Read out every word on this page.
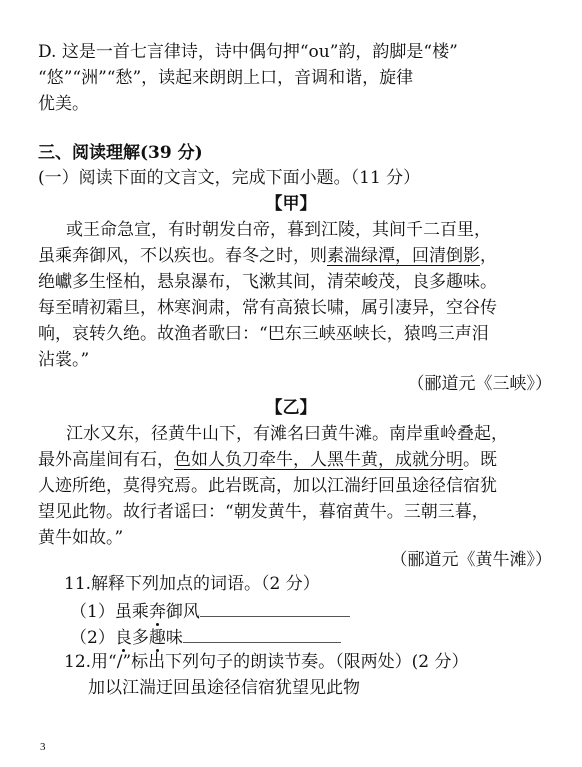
D. 这是一首七言律诗，诗中偶句押“ou”韵，韵脚是“楼”
“悠”“洲”“愁”，读起来朗朗上口，音调和谐，旋律
优美。
三、阅读理解(39 分)
(一）阅读下面的文言文，完成下面小题。（11 分）
【甲】
或王命急宣，有时朝发白帝，暮到江陵，其间千二百里，
虽乘奔御风，不以疾也。春冬之时，则素湍绿潭，回清倒影，
绝巘多生怪柏，悬泉瀑布，飞漱其间，清荣峻茂，良多趣味。
每至晴初霜旦，林寒涧肃，常有高猿长啸，属引凄异，空谷传
响，哀转久绝。故渔者歌曰：“巴东三峡巫峡长，猿鸣三声泪
沾裳。”
（郦道元《三峡》）
【乙】
江水又东，径黄牛山下，有滩名曰黄牛滩。南岸重岭叠起，
最外高崖间有石，色如人负刀牵牛，人黑牛黄，成就分明。既
人迹所绝，莫得究焉。此岩既高，加以江湍纡回虽途径信宿犹
望见此物。故行者谣曰：“朝发黄牛，暮宿黄牛。三朝三暮，
黄牛如故。”
（郦道元《黄牛滩》）
11.解释下列加点的词语。（2 分）
（1）虽乘奔御风
（2）良多趣味
12.用“/”标出下列句子的朗读节奏。（限两处）(2 分）
加以江湍迂回虽途径信宿犹望见此物
3
